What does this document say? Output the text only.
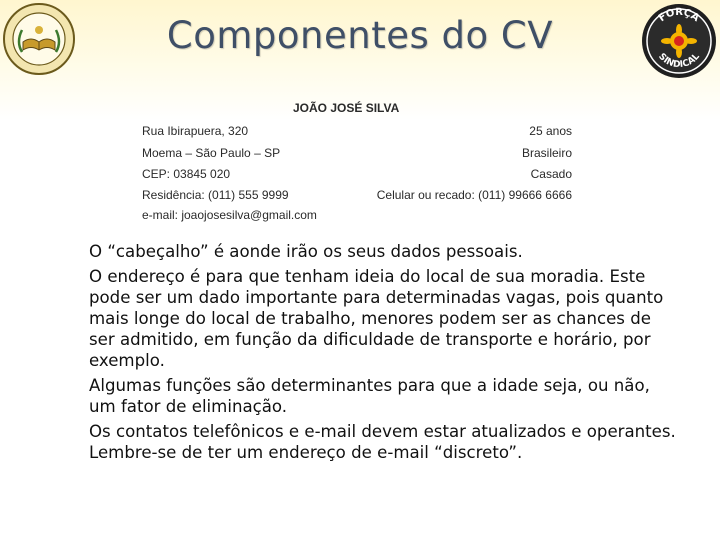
Componentes do CV	FORÇA
SINDICAL
JOÃO JOSÉ SILVA
Rua Ibirapuera, 320	25 anos
Moema – São Paulo – SP	Brasileiro
CEP: 03845 020	Casado
Residência: (011) 555 9999	Celular ou recado: (011) 99666 6666
e-mail: joaojosesilva@gmail.com

O “cabeçalho” é aonde irão os seus dados pessoais.

O endereço é para que tenham ideia do local de sua moradia. Este pode ser um dado importante para determinadas vagas, pois quanto mais longe do local de trabalho, menores podem ser as chances de ser admitido, em função da dificuldade de transporte e horário, por exemplo.

Algumas funções são determinantes para que a idade seja, ou não, um fator de eliminação.

Os contatos telefônicos e e-mail devem estar atualizados e operantes. Lembre-se de ter um endereço de e-mail “discreto”.
